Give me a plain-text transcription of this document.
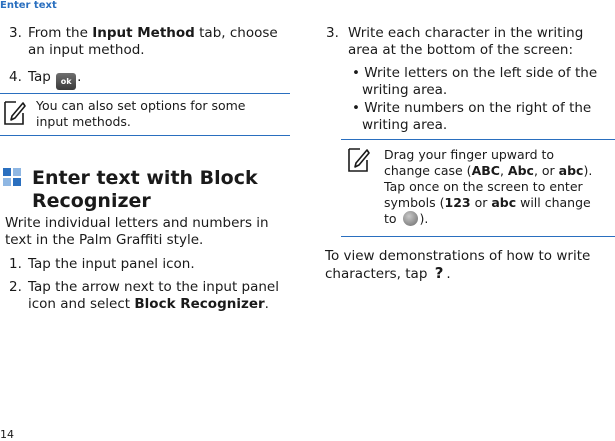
Enter text
3. From the Input Method tab, choose
an input method.
4. Tap ok .
You can also set options for some
input methods.
Enter text with Block
Recognizer
Write individual letters and numbers in
text in the Palm Graffiti style.
1. Tap the input panel icon.
2. Tap the arrow next to the input panel
icon and select Block Recognizer.
3. Write each character in the writing
area at the bottom of the screen:
• Write letters on the left side of the
writing area.
• Write numbers on the right of the
writing area.
Drag your finger upward to
change case (ABC, Abc, or abc).
Tap once on the screen to enter
symbols (123 or abc will change
to ).
To view demonstrations of how to write
characters, tap ? .
14
